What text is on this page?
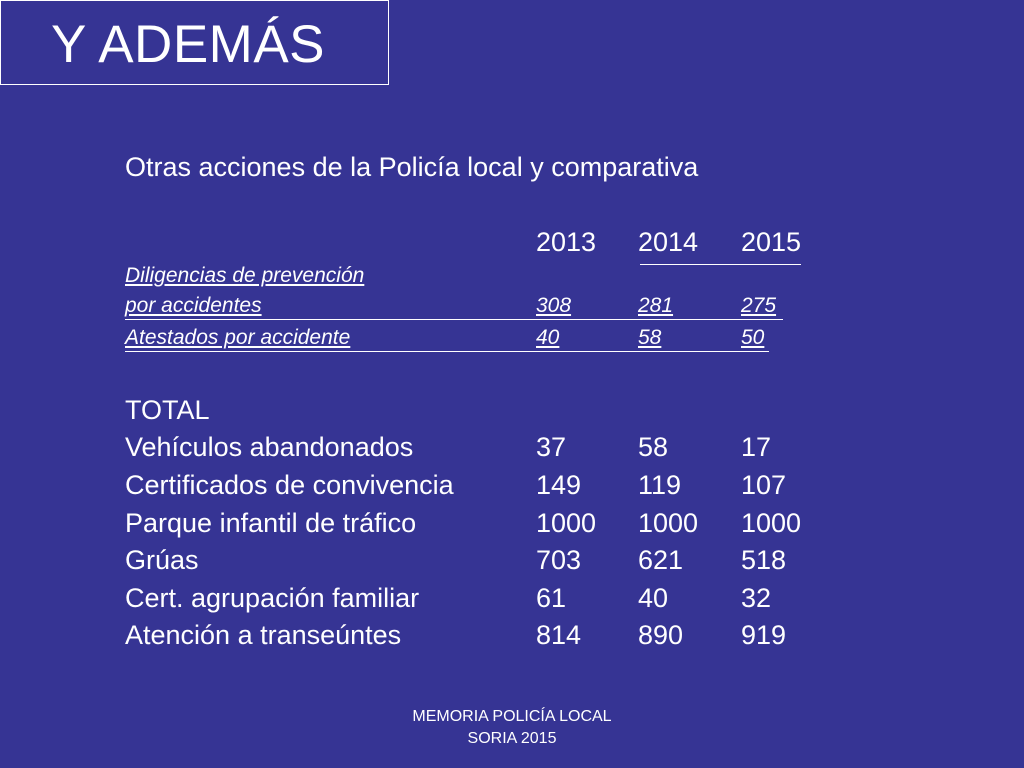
Y ADEMÁS
Otras acciones de la Policía local y comparativa
2013 2014 2015
Diligencias de prevención
por accidentes	308	281	275
Atestados por accidente	40	58	50
TOTAL
Vehículos abandonados	37	58	17
Certificados de convivencia	149 119 107
Parque infantil de tráfico	1000 1000 1000
Grúas	703 621 518
Cert. agrupación familiar	61	40	32
Atención a transeúntes	814 890 919
MEMORIA POLICÍA LOCAL
SORIA 2015
